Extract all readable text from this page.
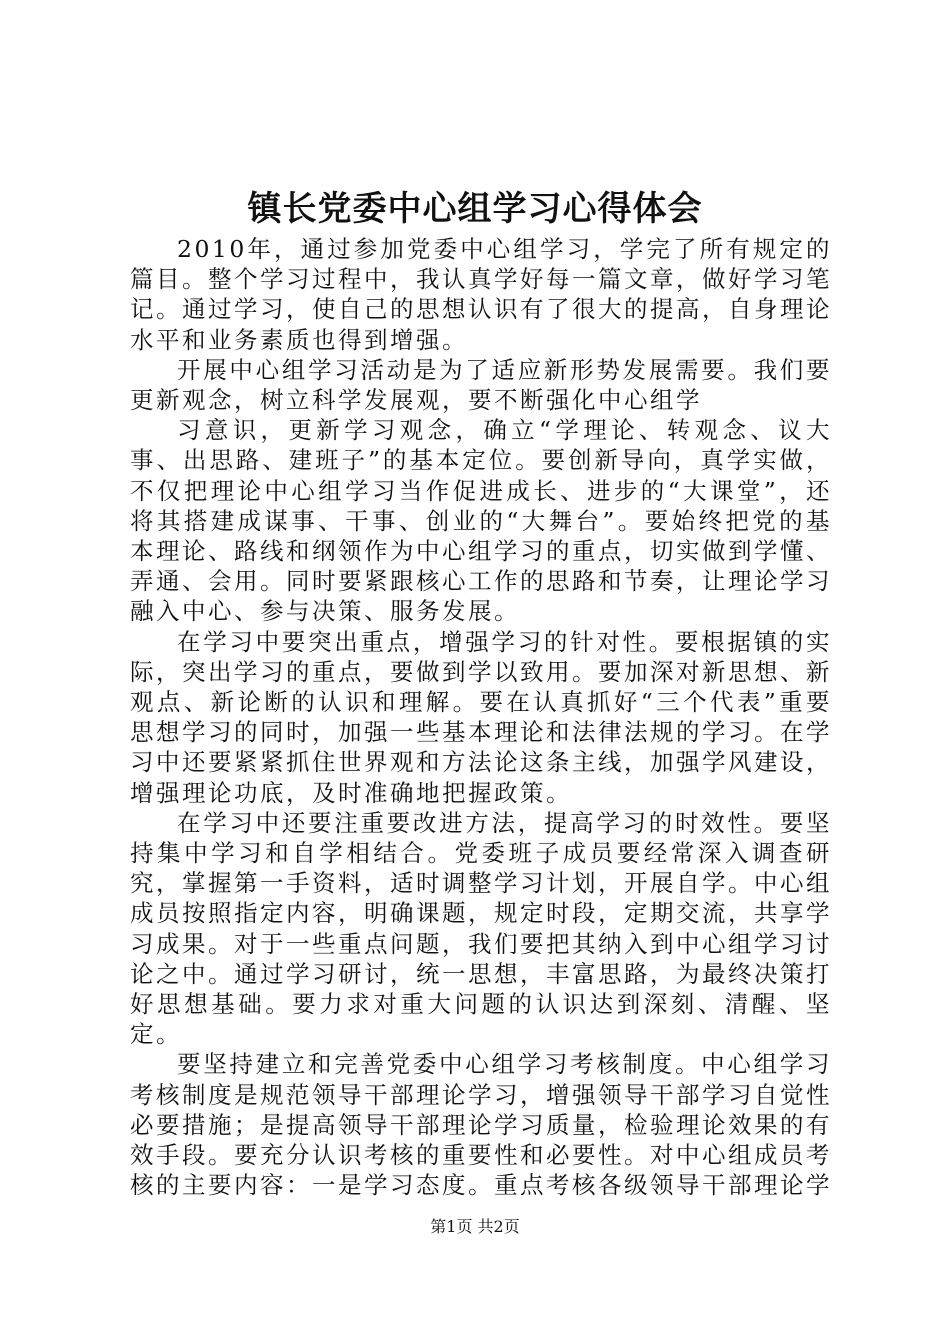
镇长党委中心组学习心得体会

2010年，通过参加党委中心组学习，学完了所有规定的篇目。整个学习过程中，我认真学好每一篇文章，做好学习笔记。通过学习，使自己的思想认识有了很大的提高，自身理论水平和业务素质也得到增强。

开展中心组学习活动是为了适应新形势发展需要。我们要更新观念，树立科学发展观，要不断强化中心组学

习意识，更新学习观念，确立“学理论、转观念、议大事、出思路、建班子”的基本定位。要创新导向，真学实做，不仅把理论中心组学习当作促进成长、进步的“大课堂”，还将其搭建成谋事、干事、创业的“大舞台”。要始终把党的基本理论、路线和纲领作为中心组学习的重点，切实做到学懂、弄通、会用。同时要紧跟核心工作的思路和节奏，让理论学习融入中心、参与决策、服务发展。

在学习中要突出重点，增强学习的针对性。要根据镇的实际，突出学习的重点，要做到学以致用。要加深对新思想、新观点、新论断的认识和理解。要在认真抓好“三个代表”重要思想学习的同时，加强一些基本理论和法律法规的学习。在学习中还要紧紧抓住世界观和方法论这条主线，加强学风建设，增强理论功底，及时准确地把握政策。

在学习中还要注重要改进方法，提高学习的时效性。要坚持集中学习和自学相结合。党委班子成员要经常深入调查研究，掌握第一手资料，适时调整学习计划，开展自学。中心组成员按照指定内容，明确课题，规定时段，定期交流，共享学习成果。对于一些重点问题，我们要把其纳入到中心组学习讨论之中。通过学习研讨，统一思想，丰富思路，为最终决策打好思想基础。要力求对重大问题的认识达到深刻、清醒、坚定。

要坚持建立和完善党委中心组学习考核制度。中心组学习考核制度是规范领导干部理论学习，增强领导干部学习自觉性必要措施；是提高领导干部理论学习质量，检验理论效果的有效手段。要充分认识考核的重要性和必要性。对中心组成员考核的主要内容：一是学习态度。重点考核各级领导干部理论学

第1页 共2页
